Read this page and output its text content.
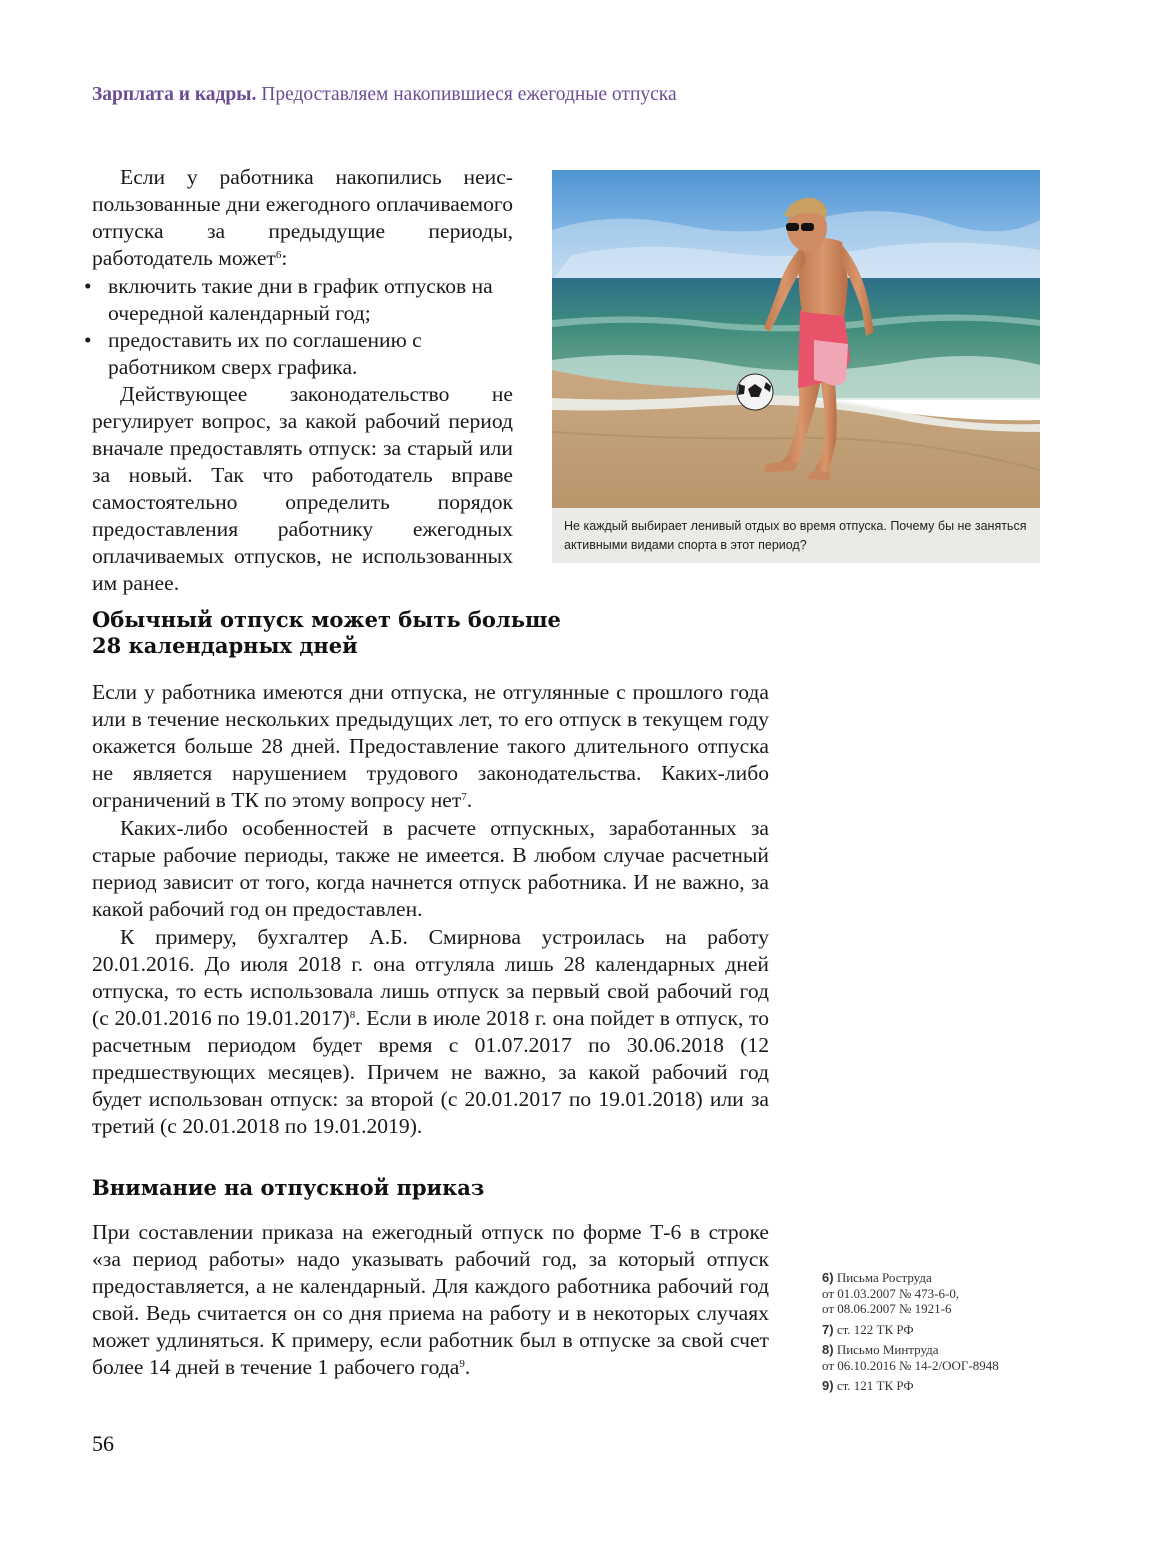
Зарплата и кадры. Предоставляем накопившиеся ежегодные отпуска

Если у работника накопились неиспользованные дни ежегодного оплачиваемого отпуска за предыдущие периоды, работодатель может$^6$:

• включить такие дни в график отпусков на очередной календарный год;
• предоставить их по соглашению с работником сверх графика.

Действующее законодательство не регулирует вопрос, за какой рабочий период вначале предоставлять отпуск: за старый или за новый. Так что работодатель вправе самостоятельно определить порядок предоставления работнику ежегодных оплачиваемых отпусков, не использованных им ранее.

Не каждый выбирает ленивый отдых во время отпуска. Почему бы не заняться активными видами спорта в этот период?
Обычный отпуск может быть больше
28 календарных дней

Если у работника имеются дни отпуска, не отгулянные с прошлого года или в течение нескольких предыдущих лет, то его отпуск в текущем году окажется больше 28 дней. Предоставление такого длительного отпуска не является нарушением трудового законодательства. Каких-либо ограничений в ТК по этому вопросу нет$^7$.

Каких-либо особенностей в расчете отпускных, заработанных за старые рабочие периоды, также не имеется. В любом случае расчетный период зависит от того, когда начнется отпуск работника. И не важно, за какой рабочий год он предоставлен.

К примеру, бухгалтер А.Б. Смирнова устроилась на работу 20.01.2016. До июля 2018 г. она отгуляла лишь 28 календарных дней отпуска, то есть использовала лишь отпуск за первый свой рабочий год (с 20.01.2016 по 19.01.2017)$^8$. Если в июле 2018 г. она пойдет в отпуск, то расчетным периодом будет время с 01.07.2017 по 30.06.2018 (12 предшествующих месяцев). Причем не важно, за какой рабочий год будет использован отпуск: за второй (с 20.01.2017 по 19.01.2018) или за третий (с 20.01.2018 по 19.01.2019).

Внимание на отпускной приказ

При составлении приказа на ежегодный отпуск по форме Т-6 в строке «за период работы» надо указывать рабочий год, за который отпуск предоставляется, а не календарный. Для каждого работника рабочий год свой. Ведь считается он со дня приема на работу и в некоторых случаях может удлиняться. К примеру, если работник был в отпуске за свой счет более 14 дней в течение 1 рабочего года$^9$.

6) Письма Роструда
от 01.03.2007 № 473-6-0,
от 08.06.2007 № 1921-6
7) ст. 122 ТК РФ
8) Письмо Минтруда
от 06.10.2016 № 14-2/ООГ-8948
9) ст. 121 ТК РФ
56
